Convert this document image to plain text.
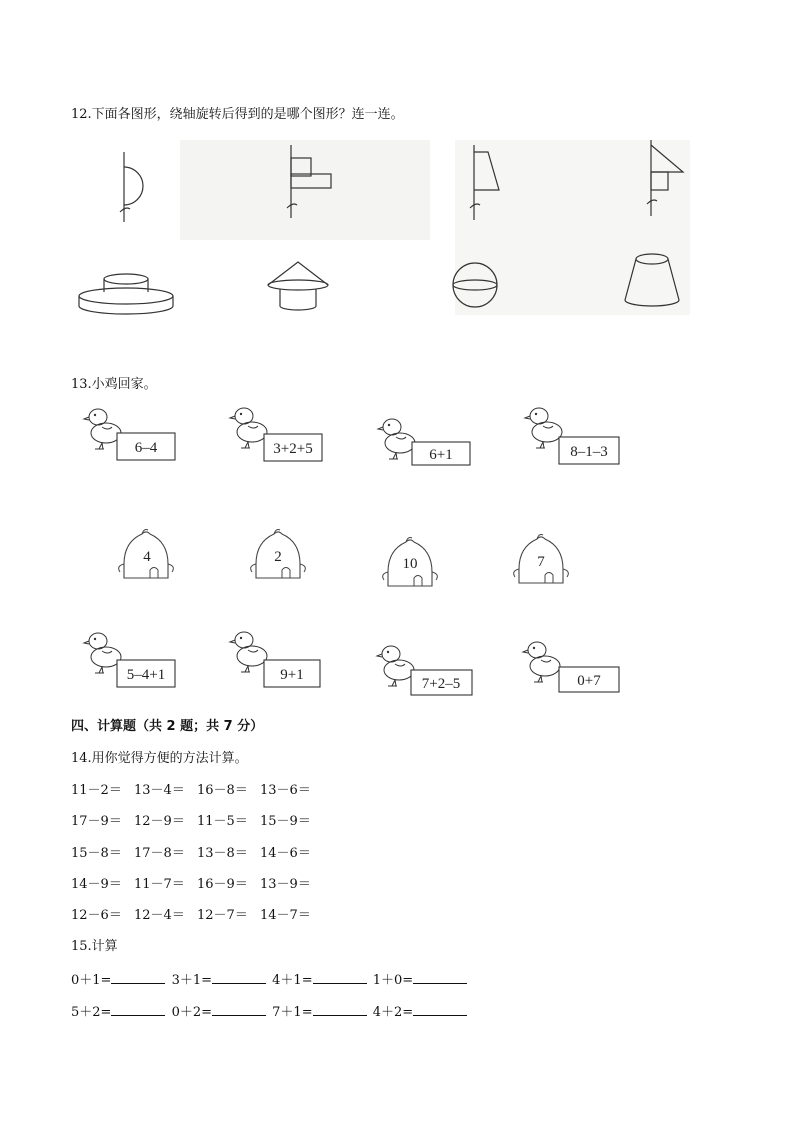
12.下面各图形，绕轴旋转后得到的是哪个图形？连一连。
13.小鸡回家。
6–4	3+2+5	6+1	8–1–3
4	2	10	7
5–4+1	9+1
7+2–5	0+7
四、计算题（共 2 题；共 7 分）
14.用你觉得方便的方法计算。
11－2＝ 13－4＝ 16－8＝ 13－6＝
17－9＝ 12－9＝ 11－5＝ 15－9＝
15－8＝ 17－8＝ 13－8＝ 14－6＝
14－9＝ 11－7＝ 16－9＝ 13－9＝
12－6＝ 12－4＝ 12－7＝ 14－7＝
15.计算
0＋1=	3＋1=	4＋1=	1＋0=
5＋2=	0＋2=	7＋1=	4＋2=
